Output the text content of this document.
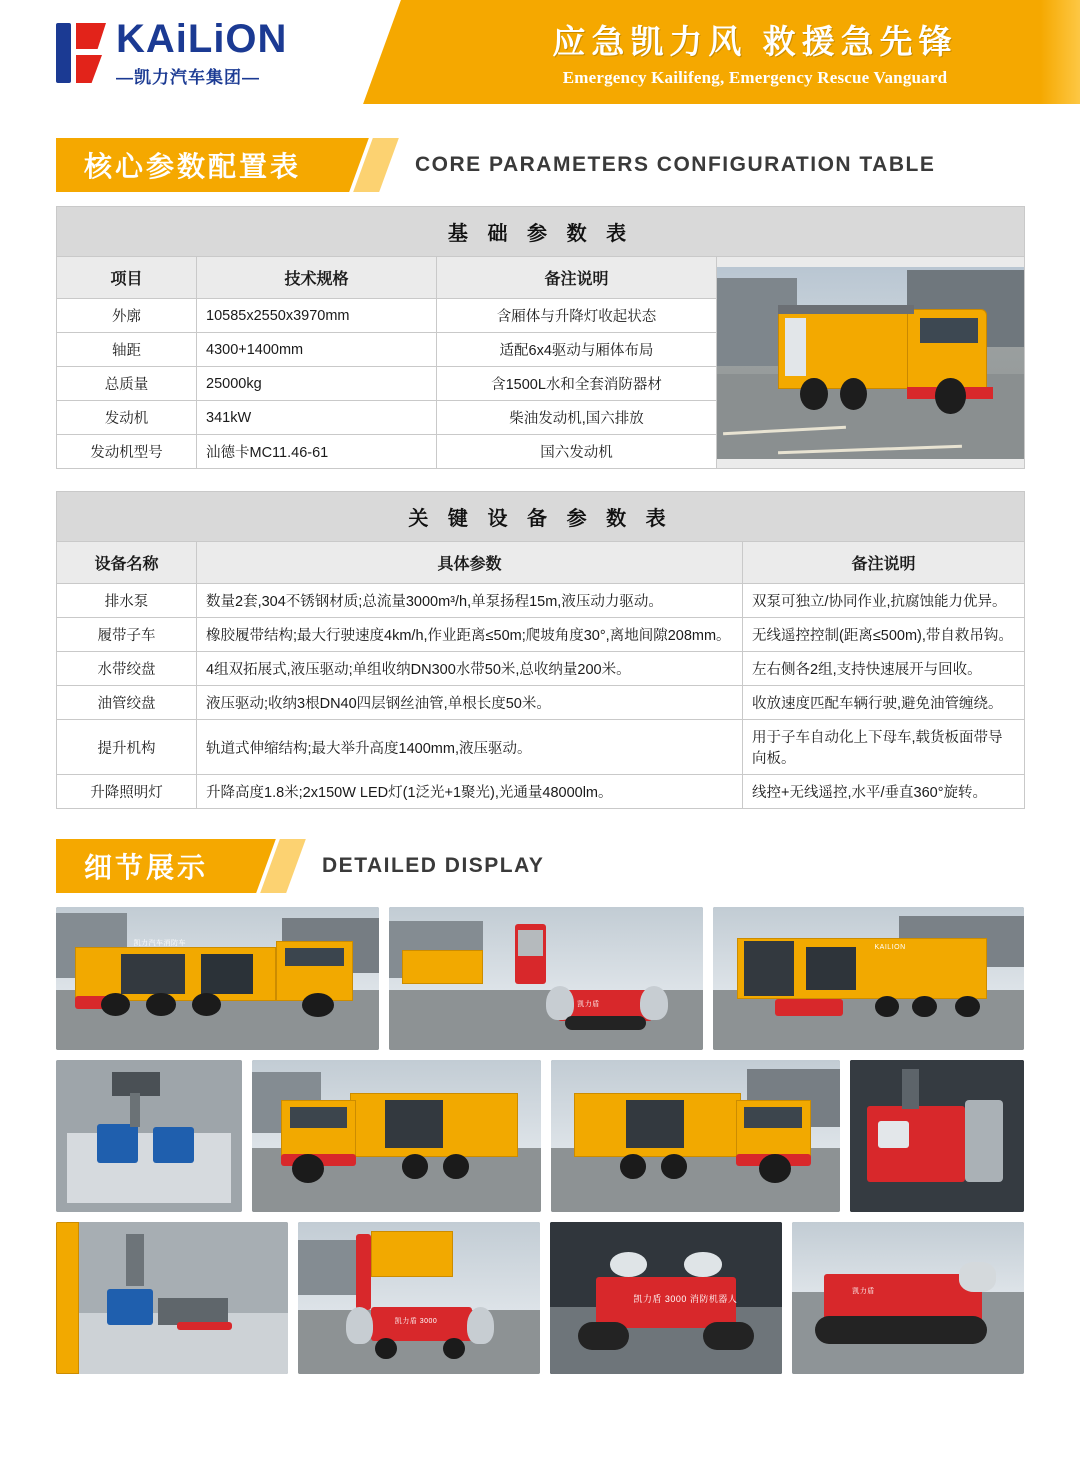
KAiLiON
—凯力汽车集团—
应急凯力风 救援急先锋
Emergency Kailifeng, Emergency Rescue Vanguard
核心参数配置表	CORE PARAMETERS CONFIGURATION TABLE
基 础 参 数 表			
项目	技术规格	备注说明	

外廓	10585x2550x3970mm	含厢体与升降灯收起状态	
轴距	4300+1400mm	适配6x4驱动与厢体布局	
总质量	25000kg	含1500L水和全套消防器材	
发动机	341kW	柴油发动机,国六排放	
发动机型号	汕德卡MC11.46-61	国六发动机	
关 键 设 备 参 数 表		
设备名称	具体参数	备注说明
排水泵	数量2套,304不锈钢材质;总流量3000m³/h,单泵扬程15m,液压动力驱动。	双泵可独立/协同作业,抗腐蚀能力优异。
履带子车	橡胶履带结构;最大行驶速度4km/h,作业距离≤50m;爬坡角度30°,离地间隙208mm。	无线遥控控制(距离≤500m),带自救吊钩。
水带绞盘	4组双拓展式,液压驱动;单组收纳DN300水带50米,总收纳量200米。	左右侧各2组,支持快速展开与回收。
油管绞盘	液压驱动;收纳3根DN40四层钢丝油管,单根长度50米。	收放速度匹配车辆行驶,避免油管缠绕。
提升机构	轨道式伸缩结构;最大举升高度1400mm,液压驱动。	用于子车自动化上下母车,载货板面带导向板。
升降照明灯	升降高度1.8米;2x150W LED灯(1泛光+1聚光),光通量48000lm。	线控+无线遥控,水平/垂直360°旋转。
细节展示	DETAILED DISPLAY
凯力汽车消防车
凯力盾
KAILION
凯力盾 3000
凯力盾 3000 消防机器人
凯力盾
